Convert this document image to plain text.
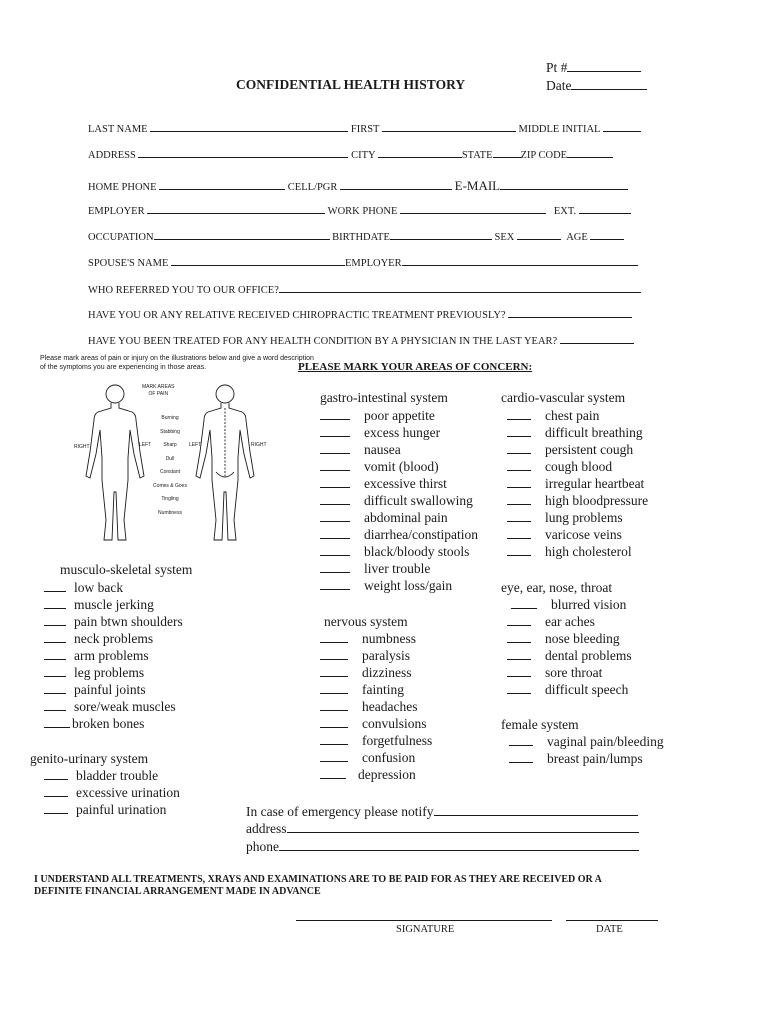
CONFIDENTIAL HEALTH HISTORY
Pt #
Date
LAST NAME	FIRST	MIDDLE INITIAL
ADDRESS	CITY	STATE	ZIP CODE
HOME PHONE	CELL/PGR	E-MAIL
EMPLOYER	WORK PHONE	EXT.
OCCUPATION	BIRTHDATE	SEX	AGE
SPOUSE'S NAME	EMPLOYER
WHO REFERRED YOU TO OUR OFFICE?
HAVE YOU OR ANY RELATIVE RECEIVED CHIROPRACTIC TREATMENT PREVIOUSLY?
HAVE YOU BEEN TREATED FOR ANY HEALTH CONDITION BY A PHYSICIAN IN THE LAST YEAR?
Please mark areas of pain or injury on the illustrations below and give a word description
of the symptoms you are experiencing in those areas.	PLEASE MARK YOUR AREAS OF CONCERN:
MARK AREAS
OF PAIN
RIGHT	LEFT	LEFT	RIGHT
Burning
Stabbing
Sharp
Dull
Constant
Comes & Goes
Tingling
Numbness
gastro-intestinal system
poor appetite
excess hunger
nausea
vomit (blood)
excessive thirst
difficult swallowing
abdominal pain
diarrhea/constipation
black/bloody stools
liver trouble
weight loss/gain
cardio-vascular system
chest pain
difficult breathing
persistent cough
cough blood
irregular heartbeat
high bloodpressure
lung problems
varicose veins
high cholesterol
musculo-skeletal system
low back
muscle jerking
pain btwn shoulders
neck problems
arm problems
leg problems
painful joints
sore/weak muscles
broken bones
nervous system
numbness
paralysis
dizziness
fainting
headaches
convulsions
forgetfulness
confusion
depression
eye, ear, nose, throat
blurred vision
ear aches
nose bleeding
dental problems
sore throat
difficult speech
female system
vaginal pain/bleeding
breast pain/lumps
genito-urinary system
bladder trouble
excessive urination
painful urination	In case of emergency please notify
address
phone
I UNDERSTAND ALL TREATMENTS, XRAYS AND EXAMINATIONS ARE TO BE PAID FOR AS THEY ARE RECEIVED OR A
DEFINITE FINANCIAL ARRANGEMENT MADE IN ADVANCE
SIGNATURE	DATE
